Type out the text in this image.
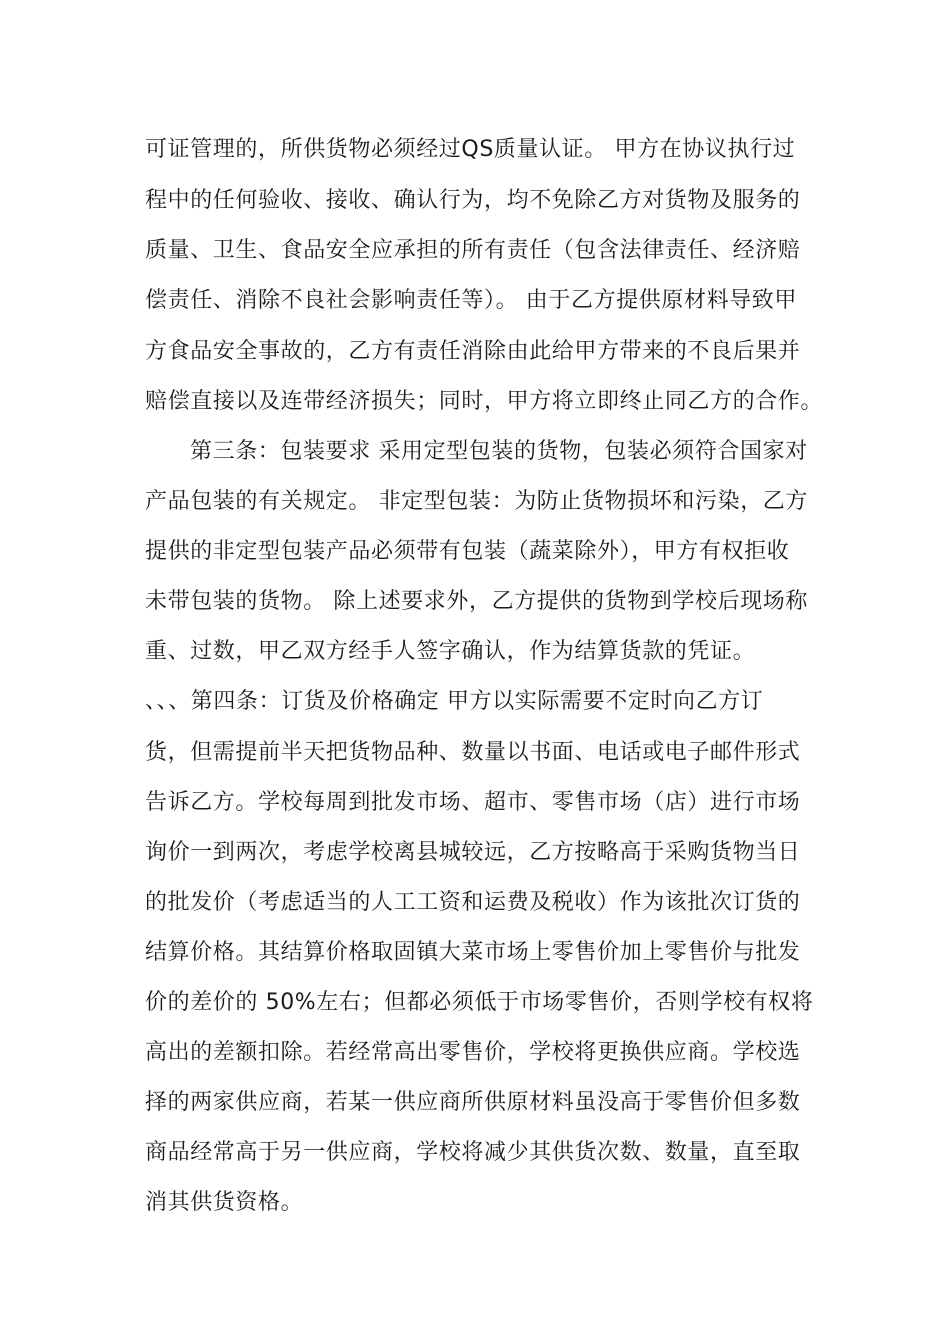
可证管理的，所供货物必须经过QS质量认证。 甲方在协议执行过
程中的任何验收、接收、确认行为，均不免除乙方对货物及服务的
质量、卫生、食品安全应承担的所有责任（包含法律责任、经济赔
偿责任、消除不良社会影响责任等）。 由于乙方提供原材料导致甲
方食品安全事故的，乙方有责任消除由此给甲方带来的不良后果并
赔偿直接以及连带经济损失；同时，甲方将立即终止同乙方的合作。
第三条：包装要求 采用定型包装的货物，包装必须符合国家对
产品包装的有关规定。 非定型包装：为防止货物损坏和污染，乙方
提供的非定型包装产品必须带有包装（蔬菜除外），甲方有权拒收
未带包装的货物。 除上述要求外，乙方提供的货物到学校后现场称
重、过数，甲乙双方经手人签字确认，作为结算货款的凭证。
、、、第四条：订货及价格确定 甲方以实际需要不定时向乙方订
货，但需提前半天把货物品种、数量以书面、电话或电子邮件形式
告诉乙方。学校每周到批发市场、超市、零售市场（店）进行市场
询价一到两次，考虑学校离县城较远，乙方按略高于采购货物当日
的批发价（考虑适当的人工工资和运费及税收）作为该批次订货的
结算价格。其结算价格取固镇大菜市场上零售价加上零售价与批发
价的差价的 50%左右；但都必须低于市场零售价，否则学校有权将
高出的差额扣除。若经常高出零售价，学校将更换供应商。学校选
择的两家供应商，若某一供应商所供原材料虽没高于零售价但多数
商品经常高于另一供应商，学校将减少其供货次数、数量，直至取
消其供货资格。
